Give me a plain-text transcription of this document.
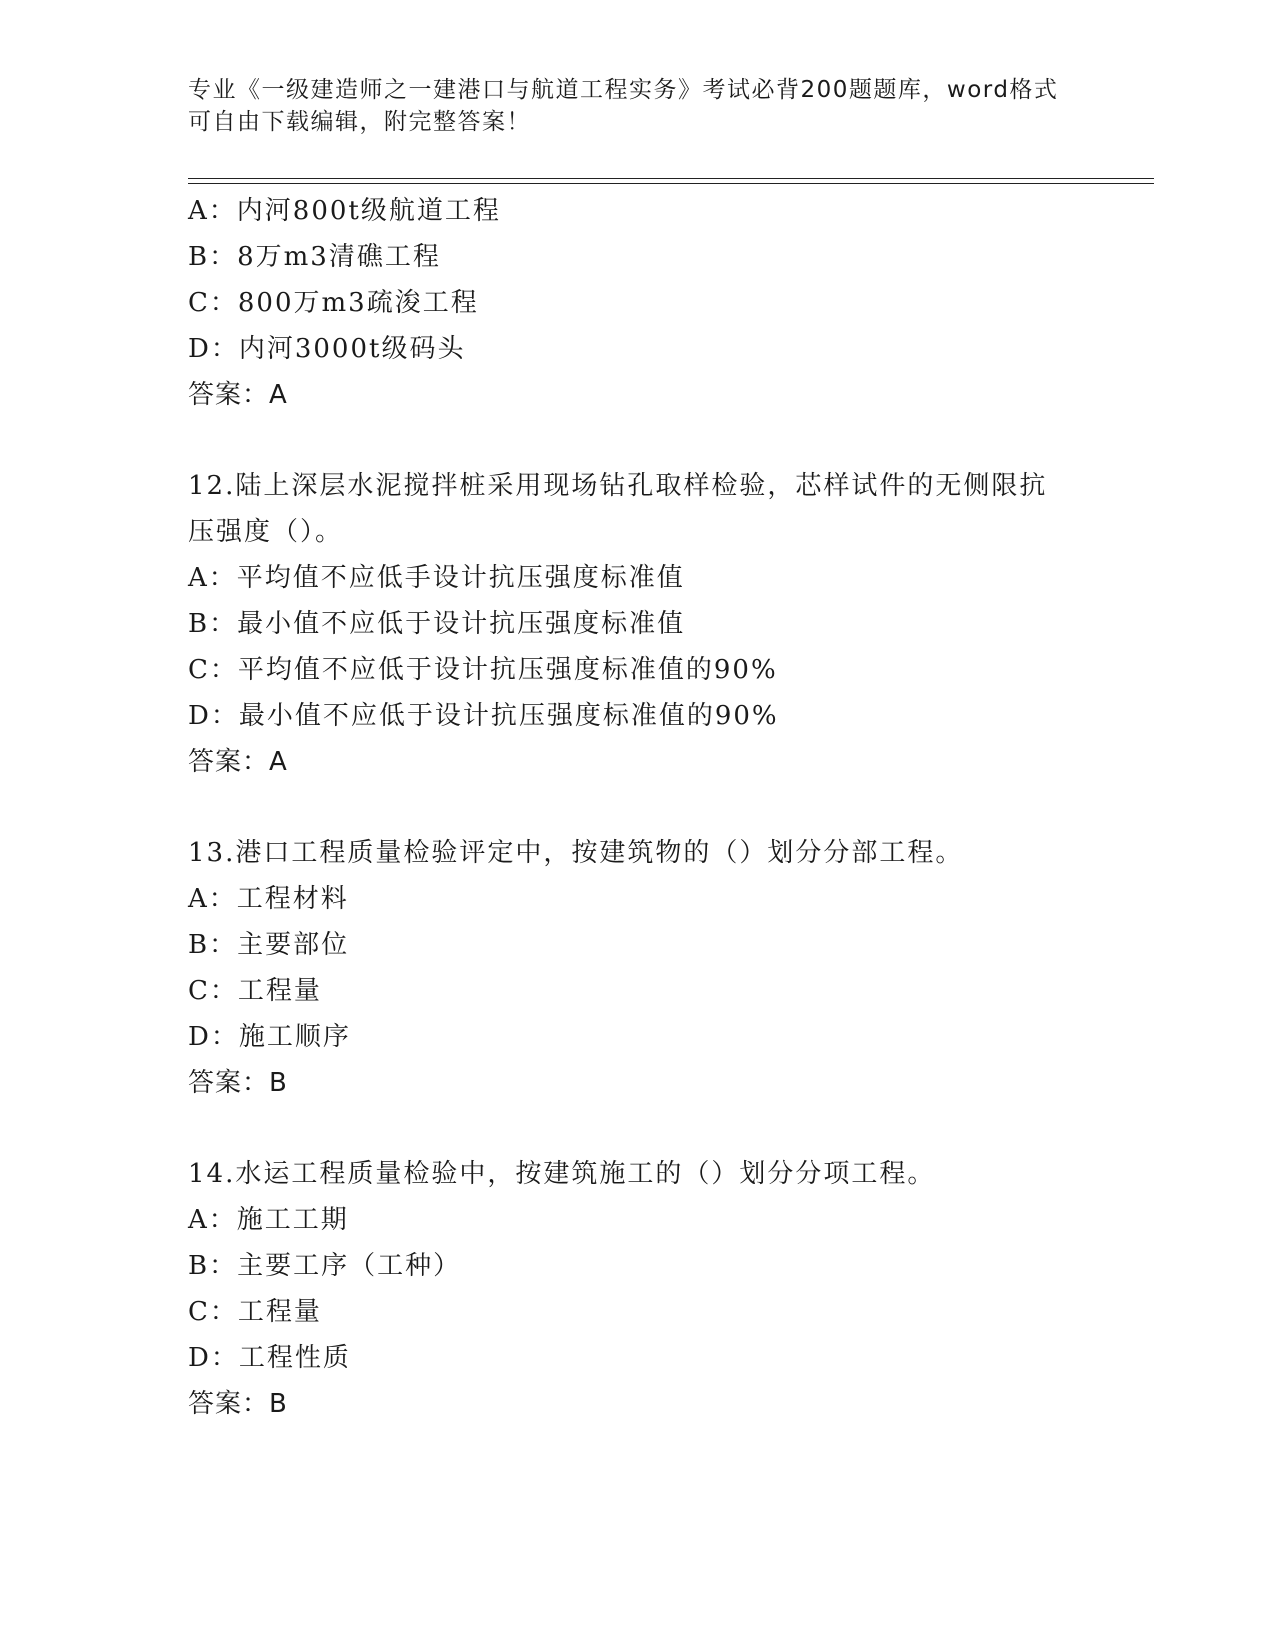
专业《一级建造师之一建港口与航道工程实务》考试必背200题题库，word格式
可自由下载编辑，附完整答案！
A：内河800t级航道工程
B：8万m3清礁工程
C：800万m3疏浚工程
D：内河3000t级码头
答案：A
12.陆上深层水泥搅拌桩采用现场钻孔取样检验，芯样试件的无侧限抗
压强度（）。
A：平均值不应低手设计抗压强度标准值
B：最小值不应低于设计抗压强度标准值
C：平均值不应低于设计抗压强度标准值的90%
D：最小值不应低于设计抗压强度标准值的90%
答案：A
13.港口工程质量检验评定中，按建筑物的（）划分分部工程。
A：工程材料
B：主要部位
C：工程量
D：施工顺序
答案：B
14.水运工程质量检验中，按建筑施工的（）划分分项工程。
A：施工工期
B：主要工序（工种）
C：工程量
D：工程性质
答案：B
